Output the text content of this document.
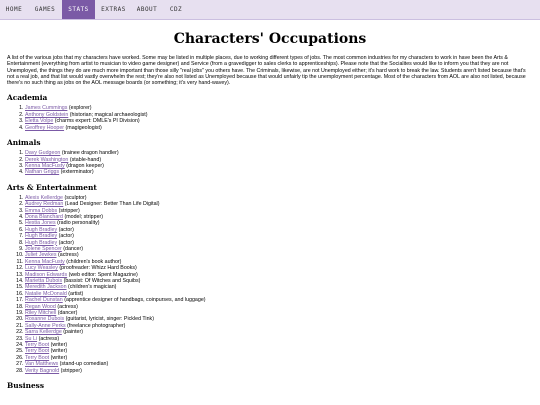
HOME	GAMES	STATS	EXTRAS	ABOUT	CDZ
Characters' Occupations

A list of the various jobs that my characters have worked. Some may be listed in multiple places, due to working different types of jobs. The most common industries for my characters to work in have been the Arts & Entertainment (everything from artist to musician to video game designer) and Service (from a gravedigger to sales clerks to apprenticeships). Please note that the Socialites would like to inform you that they are not Unemployed, the things they do are much more important than those silly "real jobs" you others have. The Criminals, likewise, are not Unemployed either; it's hard work to break the law. Students aren't listed because that's not a real job, and that list would vastly overwhelm the rest; they're also not listed as Unemployed because that would unfairly tip the unemployment percentage. Most of the characters from AOL are also not listed, because there's no such thing as jobs on the AOL message boards (or something; it's very hand-wavey).

Academia
1. James Cummings (explorer)
2. Anthony Goldstein (historian; magical archaeologist)
3. Eletta Volpe (charms expert: DMLE's PI Division)
4. Geoffrey Hooper (magigeologist)
Animals
1. Davy Gudgeon (trainee dragon handler)
2. Derek Washington (stable-hand)
3. Kenna MacFusty (dragon keeper)
4. Nathan Griggs (exterminator)
Arts & Entertainment
1. Alexis Kellerdge (sculptor)
2. Audrey Redman (Lead Designer: Better Than Life Digital)
3. Emma Dobbs (stripper)
4. Dona Blanchard (model; stripper)
5. Hestia Jones (radio personality)
6. Hugh Bradley (actor)
7. Hugh Bradley (actor)
8. Hugh Bradley (actor)
9. Jolene Spencer (dancer)
10. Juliet Jewkes (actress)
11. Kenna MacFusty (children's book author)
12. Lucy Weasley (proofreader: Whizz Hard Books)
13. Madison Edwards (web editor: Spent Magazine)
14. Marietta Dubois (bassist: Of Witches and Squibs)
15. Meredith Jackson (children's magician)
16. Natalie McDonald (artist)
17. Rachel Dunstan (apprentice designer of handbags, coinpurses, and luggage)
18. Regan Wood (actress)
19. Riley Mitchell (dancer)
20. Roxanne Dubois (guitarist, lyricist, singer: Pickled Tink)
21. Sally-Anne Perks (freelance photographer)
22. Sarra Kellerdge (painter)
23. Su Li (actress)
24. Terry Boot (writer)
25. Terry Boot (writer)
26. Terry Boot (writer)
27. Van Matthews (stand-up comedian)
28. Verity Bagnold (stripper)
Business
